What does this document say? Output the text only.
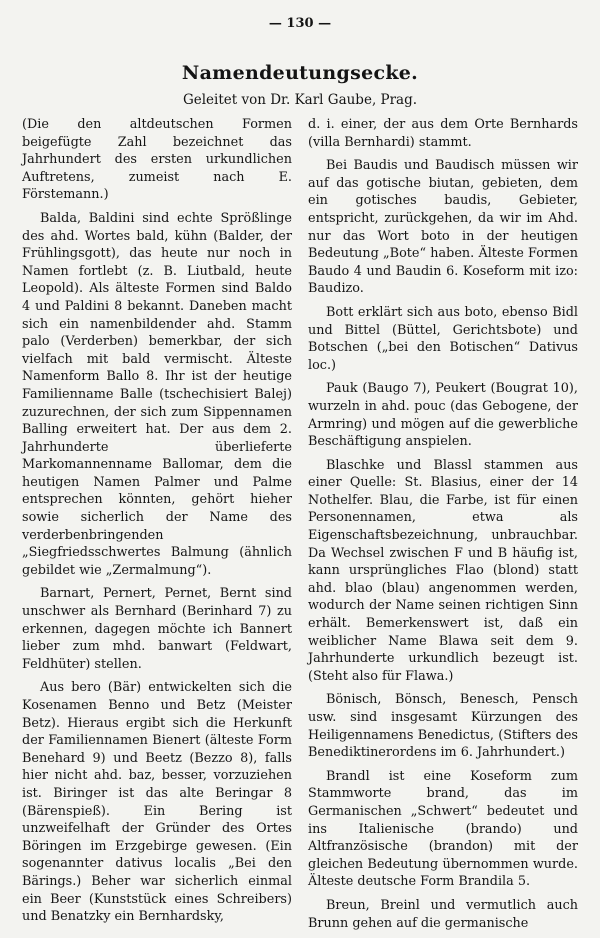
— 130 —
Namendeutungsecke.
Geleitet von Dr. Karl Gaube, Prag.

(Die den altdeutschen Formen beigefügte Zahl bezeichnet das Jahrhundert des ersten urkundlichen Auftretens, zumeist nach E. Förstemann.)

Balda, Baldini sind echte Sprößlinge des ahd. Wortes bald, kühn (Balder, der Frühlingsgott), das heute nur noch in Namen fortlebt (z. B. Liutbald, heute Leopold). Als älteste Formen sind Baldo 4 und Paldini 8 bekannt. Daneben macht sich ein namenbildender ahd. Stamm palo (Verderben) bemerkbar, der sich vielfach mit bald vermischt. Älteste Namenform Ballo 8. Ihr ist der heutige Familienname Balle (tschechisiert Balej) zuzurechnen, der sich zum Sippennamen Balling erweitert hat. Der aus dem 2. Jahrhunderte überlieferte Markomannenname Ballomar, dem die heutigen Namen Palmer und Palme entsprechen könnten, gehört hieher sowie sicherlich der Name des verderbenbringenden „Siegfriedsschwertes Balmung (ähnlich gebildet wie „Zermalmung“).

Barnart, Pernert, Pernet, Bernt sind unschwer als Bernhard (Berinhard 7) zu erkennen, dagegen möchte ich Bannert lieber zum mhd. banwart (Feldwart, Feldhüter) stellen.

Aus bero (Bär) entwickelten sich die Kosenamen Benno und Betz (Meister Betz). Hieraus ergibt sich die Herkunft der Familiennamen Bienert (älteste Form Benehard 9) und Beetz (Bezzo 8), falls hier nicht ahd. baz, besser, vorzuziehen ist. Biringer ist das alte Beringar 8 (Bärenspieß). Ein Bering ist unzweifelhaft der Gründer des Ortes Böringen im Erzgebirge gewesen. (Ein sogenannter dativus localis „Bei den Bärings.) Beher war sicherlich einmal ein Beer (Kunststück eines Schreibers) und Benatzky ein Bernhardsky,

d. i. einer, der aus dem Orte Bernhards (villa Bernhardi) stammt.

Bei Baudis und Baudisch müssen wir auf das gotische biutan, gebieten, dem ein gotisches baudis, Gebieter, entspricht, zurückgehen, da wir im Ahd. nur das Wort boto in der heutigen Bedeutung „Bote“ haben. Älteste Formen Baudo 4 und Baudin 6. Koseform mit izo: Baudizo.

Bott erklärt sich aus boto, ebenso Bidl und Bittel (Büttel, Gerichtsbote) und Botschen („bei den Botischen“ Dativus loc.)

Pauk (Baugo 7), Peukert (Bougrat 10), wurzeln in ahd. pouc (das Gebogene, der Armring) und mögen auf die gewerbliche Beschäftigung anspielen.

Blaschke und Blassl stammen aus einer Quelle: St. Blasius, einer der 14 Nothelfer. Blau, die Farbe, ist für einen Personennamen, etwa als Eigenschaftsbezeichnung, unbrauchbar. Da Wechsel zwischen F und B häufig ist, kann ursprüngliches Flao (blond) statt ahd. blao (blau) angenommen werden, wodurch der Name seinen richtigen Sinn erhält. Bemerkenswert ist, daß ein weiblicher Name Blawa seit dem 9. Jahrhunderte urkundlich bezeugt ist. (Steht also für Flawa.)

Bönisch, Bönsch, Benesch, Pensch usw. sind insgesamt Kürzungen des Heiligennamens Benedictus, (Stifters des Benediktinerordens im 6. Jahrhundert.)

Brandl ist eine Koseform zum Stammworte brand, das im Germanischen „Schwert“ bedeutet und ins Italienische (brando) und Altfranzösische (brandon) mit der gleichen Bedeutung übernommen wurde. Älteste deutsche Form Brandila 5.

Breun, Breinl und vermutlich auch Brunn gehen auf die germanische
